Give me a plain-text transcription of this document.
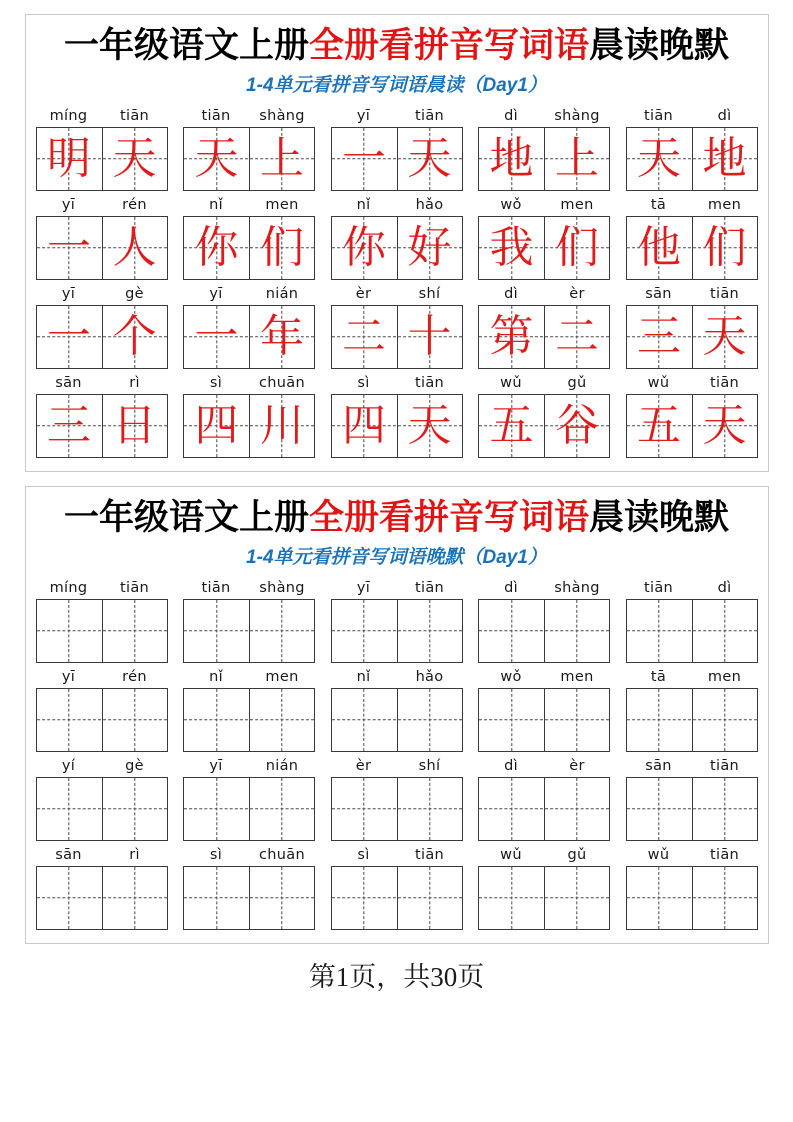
一年级语文上册全册看拼音写词语晨读晚默
1-4单元看拼音写词语晨读（Day1）
míng	tiān
明 天
tiān	shàng
天 上
yī	tiān
一 天
dì	shàng
地 上
tiān	dì
天 地
yī	rén
一 人
nǐ	men
你 们
nǐ	hǎo
你 好
wǒ	men
我 们
tā	men
他 们
yī	gè
一 个
yī	nián
一 年
èr	shí
二 十
dì	èr
第 二
sān	tiān
三 天
sān	rì
三 日
sì	chuān
四 川
sì	tiān
四 天
wǔ	gǔ
五 谷
wǔ	tiān
五 天
一年级语文上册全册看拼音写词语晨读晚默
1-4单元看拼音写词语晚默（Day1）
míng	tiān	tiān	shàng	yī	tiān	dì	shàng	tiān	dì
yī	rén	nǐ	men	nǐ	hǎo	wǒ	men	tā	men
yí	gè	yī	nián	èr	shí	dì	èr	sān	tiān
sān	rì	sì	chuān	sì	tiān	wǔ	gǔ	wǔ	tiān
第1页，共30页
